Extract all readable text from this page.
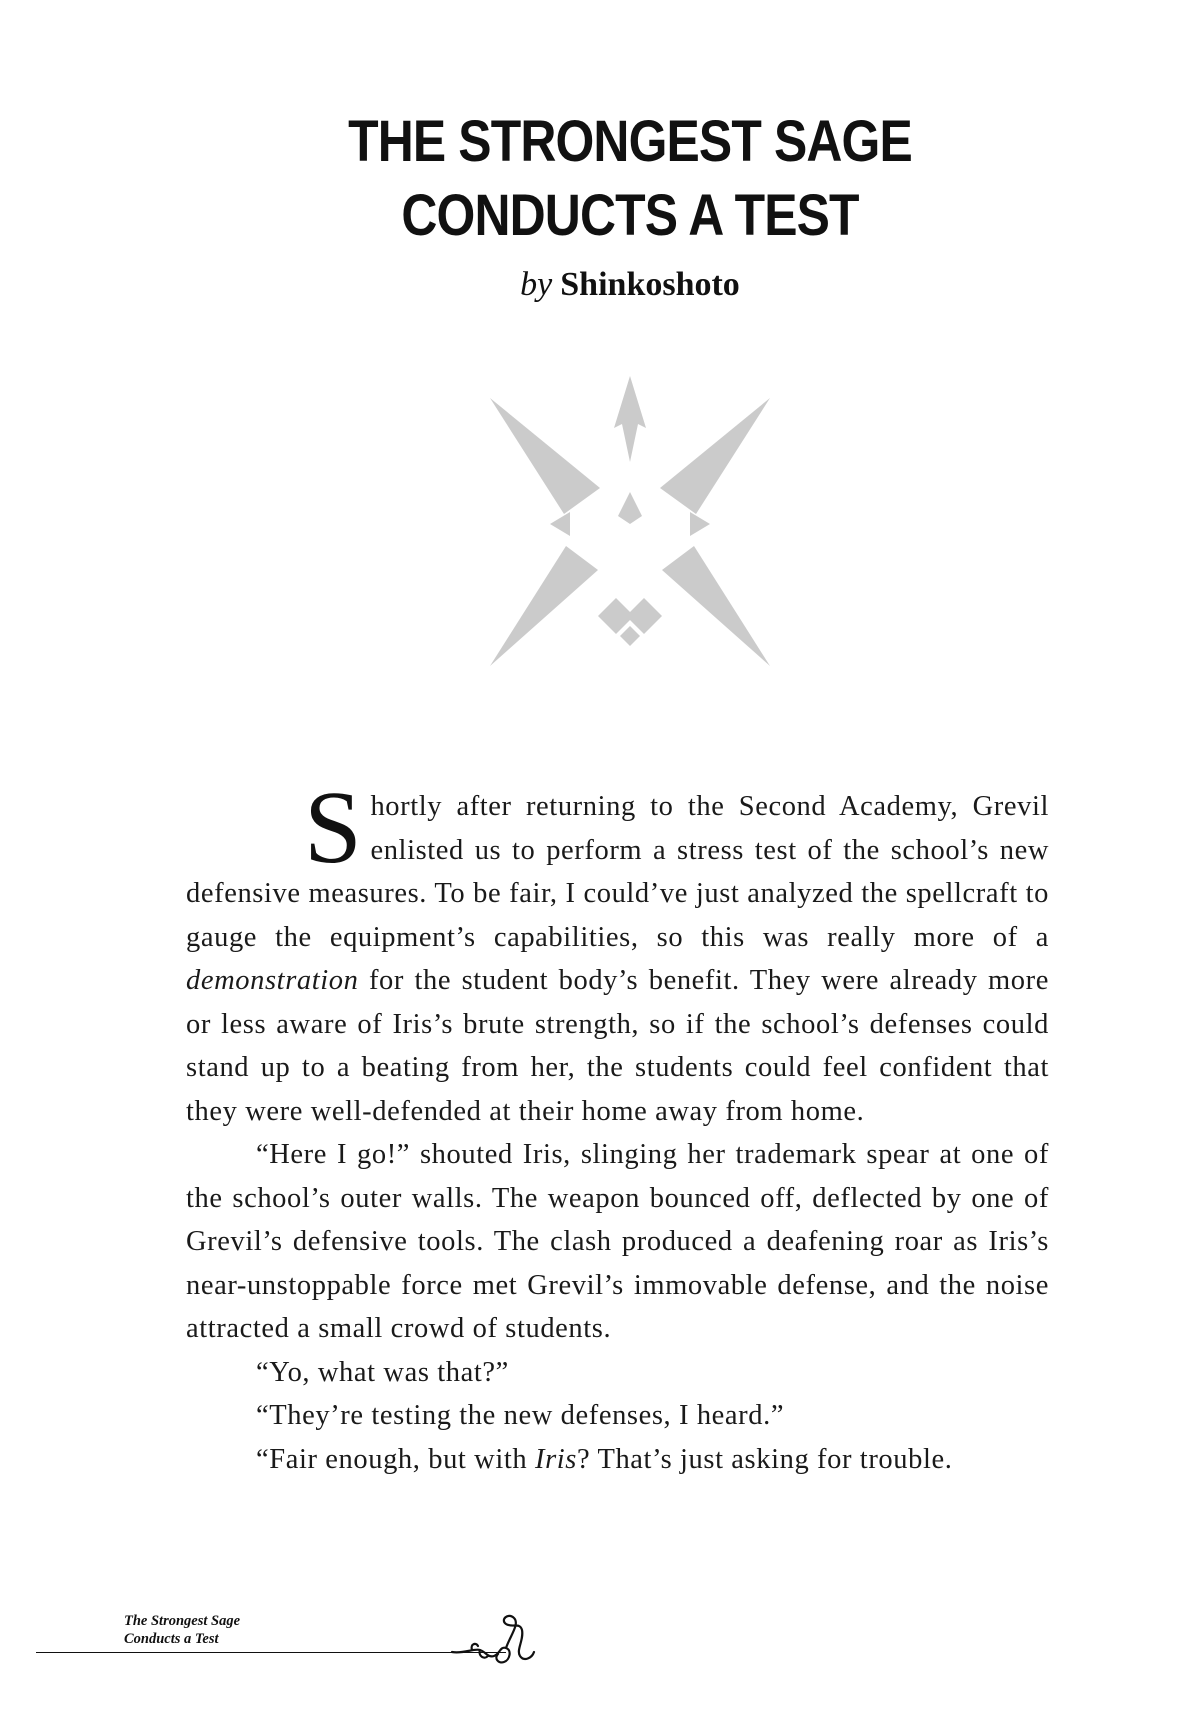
THE STRONGEST SAGE
CONDUCTS A TEST
by Shinkoshoto

Shortly after returning to the Second Academy, Grevil enlisted us to perform a stress test of the school’s new defensive measures. To be fair, I could’ve just analyzed the spellcraft to gauge the equipment’s capabilities, so this was really more of a demonstration for the student body’s benefit. They were already more or less aware of Iris’s brute strength, so if the school’s defenses could stand up to a beating from her, the students could feel confident that they were well-defended at their home away from home.

“Here I go!” shouted Iris, slinging her trademark spear at one of the school’s outer walls. The weapon bounced off, deflected by one of Grevil’s defensive tools. The clash produced a deafening roar as Iris’s near-unstoppable force met Grevil’s immovable defense, and the noise attracted a small crowd of students.

“Yo, what was that?”

“They’re testing the new defenses, I heard.”

“Fair enough, but with Iris? That’s just asking for trouble.

The Strongest Sage
Conducts a Test
